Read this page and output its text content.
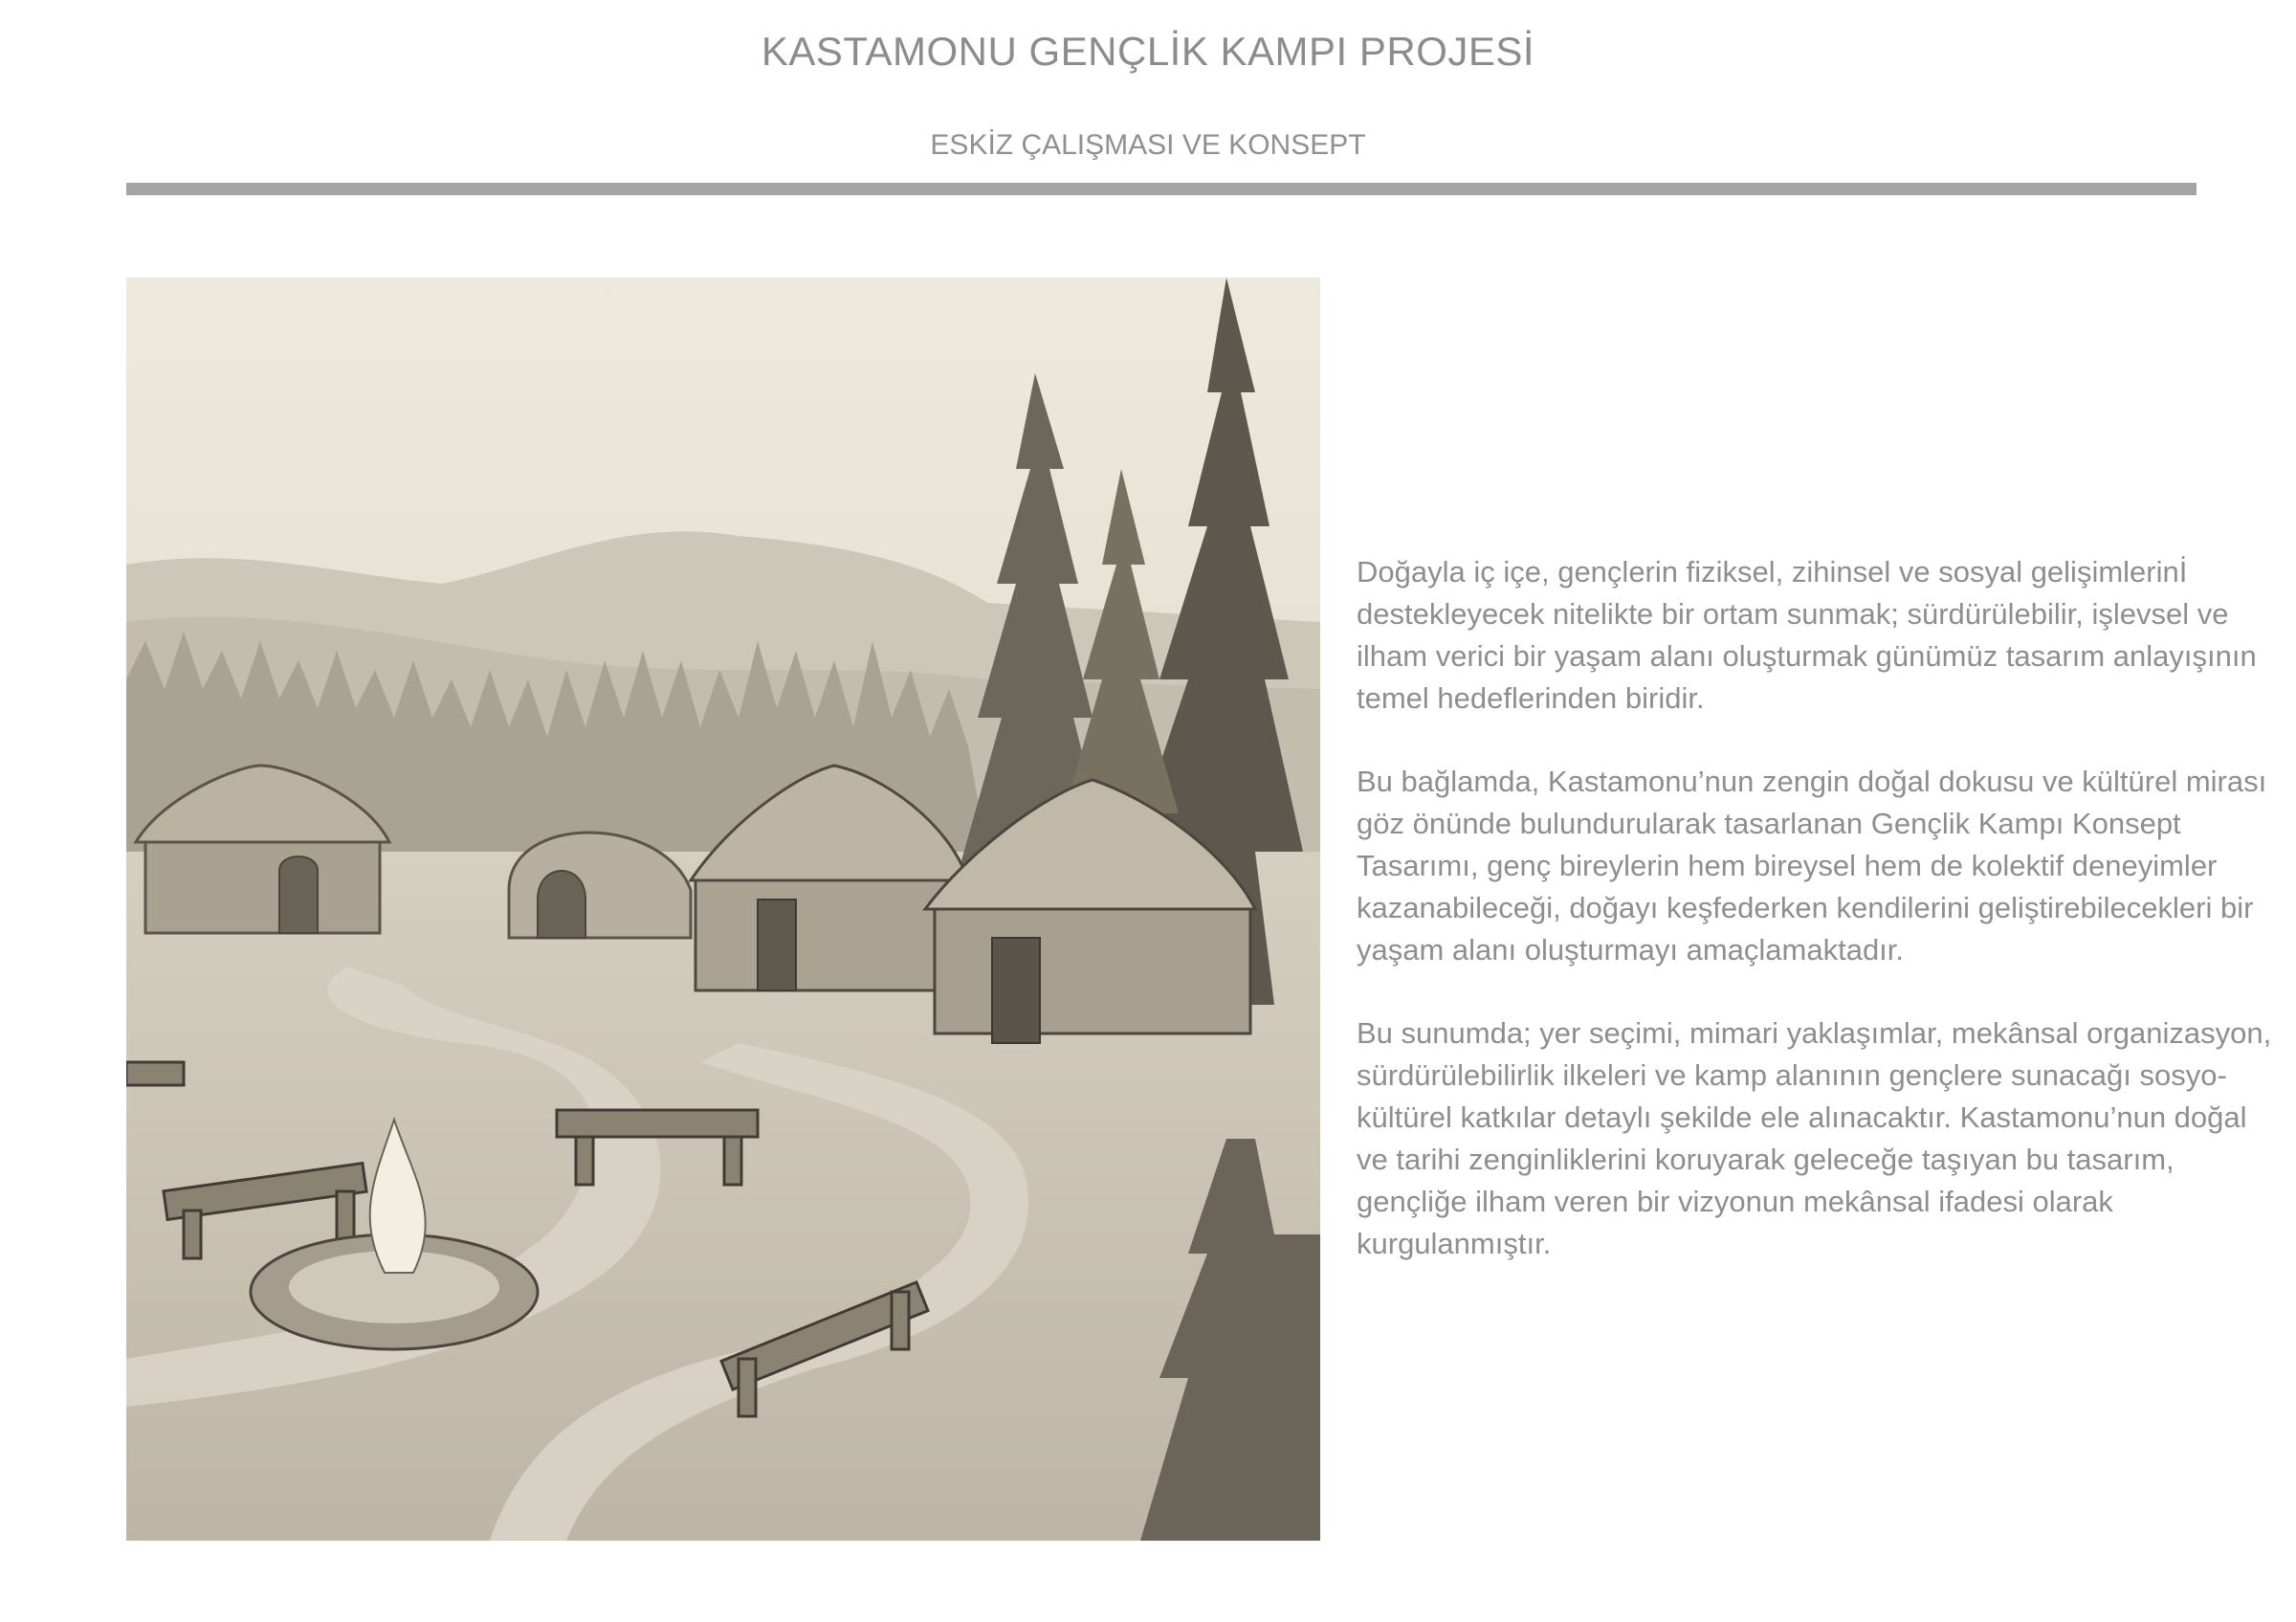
KASTAMONU GENÇLİK KAMPI PROJESİ
ESKİZ ÇALIŞMASI VE KONSEPT

Doğayla iç içe, gençlerin fiziksel, zihinsel ve sosyal gelişimlerinİ destekleyecek nitelikte bir ortam sunmak; sürdürülebilir, işlevsel ve ilham verici bir yaşam alanı oluşturmak günümüz tasarım anlayışının temel hedeflerinden biridir.

Bu bağlamda, Kastamonu’nun zengin doğal dokusu ve kültürel mirası göz önünde bulundurularak tasarlanan Gençlik Kampı Konsept Tasarımı, genç bireylerin hem bireysel hem de kolektif deneyimler kazanabileceği, doğayı keşfederken kendilerini geliştirebilecekleri bir yaşam alanı oluşturmayı amaçlamaktadır.

Bu sunumda; yer seçimi, mimari yaklaşımlar, mekânsal organizasyon, sürdürülebilirlik ilkeleri ve kamp alanının gençlere sunacağı sosyo-kültürel katkılar detaylı şekilde ele alınacaktır. Kastamonu’nun doğal ve tarihi zenginliklerini koruyarak geleceğe taşıyan bu tasarım, gençliğe ilham veren bir vizyonun mekânsal ifadesi olarak kurgulanmıştır.
